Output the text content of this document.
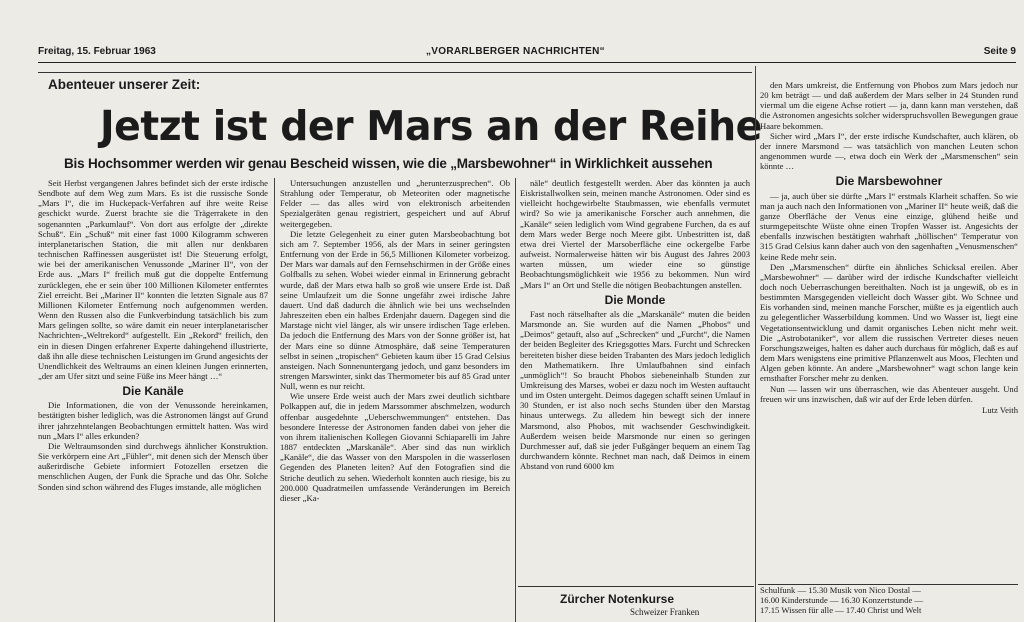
Freitag, 15. Februar 1963	„VORARLBERGER NACHRICHTEN“	Seite 9
Abenteuer unserer Zeit:
Jetzt ist der Mars an der Reihe
Bis Hochsommer werden wir genau Bescheid wissen, wie die „Marsbewohner“ in Wirklichkeit aussehen

Seit Herbst vergangenen Jahres befindet sich der erste irdische Sendbote auf dem Weg zum Mars. Es ist die russische Sonde „Mars I“, die im Huckepack-Verfahren auf ihre weite Reise geschickt wurde. Zuerst brachte sie die Trägerrakete in den sogenannten „Parkumlauf“. Von dort aus erfolgte der „direkte Schuß“. Ein „Schuß“ mit einer fast 1000 Kilogramm schweren interplanetarischen Station, die mit allen nur denkbaren technischen Raffinessen ausgerüstet ist! Die Steuerung erfolgt, wie bei der amerikanischen Venussonde „Mariner II“, von der Erde aus. „Mars I“ freilich muß gut die doppelte Entfernung zurücklegen, ehe er sein über 100 Millionen Kilometer entferntes Ziel erreicht. Bei „Mariner II“ konnten die letzten Signale aus 87 Millionen Kilometer Entfernung noch aufgenommen werden. Wenn den Russen also die Funkverbindung tatsächlich bis zum Mars gelingen sollte, so wäre damit ein neuer interplanetarischer Nachrichten-„Weltrekord“ aufgestellt. Ein „Rekord“ freilich, den ein in diesen Dingen erfahrener Experte dahingehend illustrierte, daß ihn alle diese technischen Leistungen im Grund angesichts der Unendlichkeit des Weltraums an einen kleinen Jungen erinnerten, „der am Ufer sitzt und seine Füße ins Meer hängt …“

Die Kanäle

Die Informationen, die von der Venussonde hereinkamen, bestätigten bisher lediglich, was die Astronomen längst auf Grund ihrer jahrzehntelangen Beobachtungen ermittelt hatten. Was wird nun „Mars I“ alles erkunden?

Die Weltraumsonden sind durchwegs ähnlicher Konstruktion. Sie verkörpern eine Art „Fühler“, mit denen sich der Mensch über außerirdische Gebiete informiert Fotozellen ersetzen die menschlichen Augen, der Funk die Sprache und das Ohr. Solche Sonden sind schon während des Fluges imstande, alle möglichen

Untersuchungen anzustellen und „herunterzusprechen“. Ob Strahlung oder Temperatur, ob Meteoriten oder magnetische Felder — das alles wird von elektronisch arbeitenden Spezialgeräten genau registriert, gespeichert und auf Abruf weitergegeben.

Die letzte Gelegenheit zu einer guten Marsbeobachtung bot sich am 7. September 1956, als der Mars in seiner geringsten Entfernung von der Erde in 56,5 Millionen Kilometer vorbeizog. Der Mars war damals auf den Fernsehschirmen in der Größe eines Golfballs zu sehen. Wobei wieder einmal in Erinnerung gebracht wurde, daß der Mars etwa halb so groß wie unsere Erde ist. Daß seine Umlaufzeit um die Sonne ungefähr zwei irdische Jahre dauert. Und daß dadurch die ähnlich wie bei uns wechselnden Jahreszeiten eben ein halbes Erdenjahr dauern. Dagegen sind die Marstage nicht viel länger, als wir unsere irdischen Tage erleben. Da jedoch die Entfernung des Mars von der Sonne größer ist, hat der Mars eine so dünne Atmosphäre, daß seine Temperaturen selbst in seinen „tropischen“ Gebieten kaum über 15 Grad Celsius ansteigen. Nach Sonnenuntergang jedoch, und ganz besonders im strengen Marswinter, sinkt das Thermometer bis auf 85 Grad unter Null, wenn es nur reicht.

Wie unsere Erde weist auch der Mars zwei deutlich sichtbare Polkappen auf, die in jedem Marssommer abschmelzen, wodurch offenbar ausgedehnte „Ueberschwemmungen“ entstehen. Das besondere Interesse der Astronomen fanden dabei von jeher die von ihrem italienischen Kollegen Giovanni Schiaparelli im Jahre 1887 entdeckten „Marskanäle“. Aber sind das nun wirklich „Kanäle“, die das Wasser von den Marspolen in die wasserlosen Gegenden des Planeten leiten? Auf den Fotografien sind die Striche deutlich zu sehen. Wiederholt konnten auch riesige, bis zu 200.000 Quadratmeilen umfassende Veränderungen im Bereich dieser „Ka-

näle“ deutlich festgestellt werden. Aber das könnten ja auch Eiskristallwolken sein, meinen manche Astronomen. Oder sind es vielleicht hochgewirbelte Staubmassen, wie ebenfalls vermutet wird? So wie ja amerikanische Forscher auch annehmen, die „Kanäle“ seien lediglich vom Wind gegrabene Furchen, da es auf dem Mars weder Berge noch Meere gibt. Unbestritten ist, daß etwa drei Viertel der Marsoberfläche eine ockergelbe Farbe aufweist. Normalerweise hätten wir bis August des Jahres 2003 warten müssen, um wieder eine so günstige Beobachtungsmöglichkeit wie 1956 zu bekommen. Nun wird „Mars I“ an Ort und Stelle die nötigen Beobachtungen anstellen.

Die Monde

Fast noch rätselhafter als die „Marskanäle“ muten die beiden Marsmonde an. Sie wurden auf die Namen „Phobos“ und „Deimos“ getauft, also auf „Schrecken“ und „Furcht“, die Namen der beiden Begleiter des Kriegsgottes Mars. Furcht und Schrecken bereiteten bisher diese beiden Trabanten des Mars jedoch lediglich den Mathematikern. Ihre Umlaufbahnen sind einfach „unmöglich“! So braucht Phobos siebeneinhalb Stunden zur Umkreisung des Marses, wobei er dazu noch im Westen auftaucht und im Osten untergeht. Deimos dagegen schafft seinen Umlauf in 30 Stunden, er ist also noch sechs Stunden über den Marstag hinaus unterwegs. Zu alledem hin bewegt sich der innere Marsmond, also Phobos, mit wachsender Geschwindigkeit. Außerdem weisen beide Marsmonde nur einen so geringen Durchmesser auf, daß sie jeder Fußgänger bequem an einem Tag durchwandern könnte. Rechnet man nach, daß Deimos in einem Abstand von rund 6000 km

Zürcher Notenkurse
Schweizer Franken

den Mars umkreist, die Entfernung von Phobos zum Mars jedoch nur 20 km beträgt — und daß außerdem der Mars selber in 24 Stunden rund viermal um die eigene Achse rotiert — ja, dann kann man verstehen, daß die Astronomen angesichts solcher widerspruchsvollen Bewegungen graue Haare bekommen.

Sicher wird „Mars I“, der erste irdische Kundschafter, auch klären, ob der innere Marsmond — was tatsächlich von manchen Leuten schon angenommen wurde —, etwa doch ein Werk der „Marsmenschen“ sein könnte …

Die Marsbewohner

— ja, auch über sie dürfte „Mars I“ erstmals Klarheit schaffen. So wie man ja auch nach den Informationen von „Mariner II“ heute weiß, daß die ganze Oberfläche der Venus eine einzige, glühend heiße und sturmgepeitschte Wüste ohne einen Tropfen Wasser ist. Angesichts der ebenfalls inzwischen bestätigten wahrhaft „höllischen“ Temperatur von 315 Grad Celsius kann daher auch von den sagenhaften „Venusmenschen“ keine Rede mehr sein.

Den „Marsmenschen“ dürfte ein ähnliches Schicksal ereilen. Aber „Marsbewohner“ — darüber wird der irdische Kundschafter vielleicht doch noch Ueberraschungen bereithalten. Noch ist ja ungewiß, ob es in bestimmten Marsgegenden vielleicht doch Wasser gibt. Wo Schnee und Eis vorhanden sind, meinen manche Forscher, müßte es ja eigentlich auch zu gelegentlicher Wasserbildung kommen. Und wo Wasser ist, liegt eine Vegetationsentwicklung und damit organisches Leben nicht mehr weit. Die „Astrobotaniker“, vor allem die russischen Vertreter dieses neuen Forschungszweiges, halten es daher auch durchaus für möglich, daß es auf dem Mars wenigstens eine primitive Pflanzenwelt aus Moos, Flechten und Algen geben könnte. An andere „Marsbewohner“ wagt schon lange kein ernsthafter Forscher mehr zu denken.

Nun — lassen wir uns überraschen, wie das Abenteuer ausgeht. Und freuen wir uns inzwischen, daß wir auf der Erde leben dürfen.

Lutz Veith
Schulfunk — 15.30 Musik von Nico Dostal —
16.00 Kinderstunde — 16.30 Konzertstunde —
17.15 Wissen für alle — 17.40 Christ und Welt
